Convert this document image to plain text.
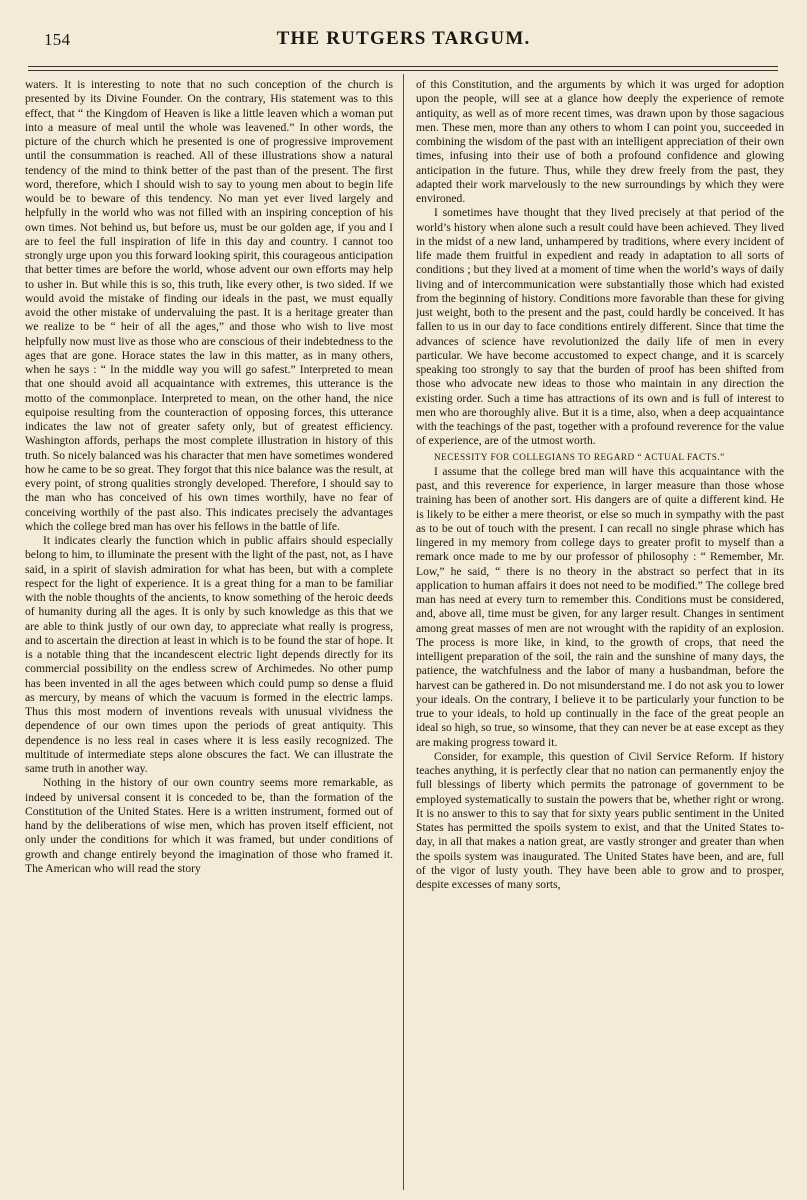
154	THE RUTGERS TARGUM.

waters. It is interesting to note that no such conception of the church is presented by its Divine Founder. On the contrary, His statement was to this effect, that “ the Kingdom of Heaven is like a little leaven which a woman put into a measure of meal until the whole was leavened.” In other words, the picture of the church which he presented is one of progressive improvement until the consummation is reached. All of these illustrations show a natural tendency of the mind to think better of the past than of the present. The first word, therefore, which I should wish to say to young men about to begin life would be to beware of this tendency. No man yet ever lived largely and helpfully in the world who was not filled with an inspiring conception of his own times. Not behind us, but before us, must be our golden age, if you and I are to feel the full inspiration of life in this day and country. I cannot too strongly urge upon you this forward looking spirit, this courageous anticipation that better times are before the world, whose advent our own efforts may help to usher in. But while this is so, this truth, like every other, is two sided. If we would avoid the mistake of finding our ideals in the past, we must equally avoid the other mistake of undervaluing the past. It is a heritage greater than we realize to be “ heir of all the ages,” and those who wish to live most helpfully now must live as those who are conscious of their indebtedness to the ages that are gone. Horace states the law in this matter, as in many others, when he says : “ In the middle way you will go safest.” Interpreted to mean that one should avoid all acquaintance with extremes, this utterance is the motto of the commonplace. Interpreted to mean, on the other hand, the nice equipoise resulting from the counteraction of opposing forces, this utterance indicates the law not of greater safety only, but of greatest efficiency. Washington affords, perhaps the most complete illustration in history of this truth. So nicely balanced was his character that men have sometimes wondered how he came to be so great. They forgot that this nice balance was the result, at every point, of strong qualities strongly developed. Therefore, I should say to the man who has conceived of his own times worthily, have no fear of conceiving worthily of the past also. This indicates precisely the advantages which the college bred man has over his fellows in the battle of life.

It indicates clearly the function which in public affairs should especially belong to him, to illuminate the present with the light of the past, not, as I have said, in a spirit of slavish admiration for what has been, but with a complete respect for the light of experience. It is a great thing for a man to be familiar with the noble thoughts of the ancients, to know something of the heroic deeds of humanity during all the ages. It is only by such knowledge as this that we are able to think justly of our own day, to appreciate what really is progress, and to ascertain the direction at least in which is to be found the star of hope. It is a notable thing that the incandescent electric light depends directly for its commercial possibility on the endless screw of Archimedes. No other pump has been invented in all the ages between which could pump so dense a fluid as mercury, by means of which the vacuum is formed in the electric lamps. Thus this most modern of inventions reveals with unusual vividness the dependence of our own times upon the periods of great antiquity. This dependence is no less real in cases where it is less easily recognized. The multitude of intermediate steps alone obscures the fact. We can illustrate the same truth in another way.

Nothing in the history of our own country seems more remarkable, as indeed by universal consent it is conceded to be, than the formation of the Constitution of the United States. Here is a written instrument, formed out of hand by the deliberations of wise men, which has proven itself efficient, not only under the conditions for which it was framed, but under conditions of growth and change entirely beyond the imagination of those who framed it. The American who will read the story

of this Constitution, and the arguments by which it was urged for adoption upon the people, will see at a glance how deeply the experience of remote antiquity, as well as of more recent times, was drawn upon by those sagacious men. These men, more than any others to whom I can point you, succeeded in combining the wisdom of the past with an intelligent appreciation of their own times, infusing into their use of both a profound confidence and glowing anticipation in the future. Thus, while they drew freely from the past, they adapted their work marvelously to the new surroundings by which they were environed.

I sometimes have thought that they lived precisely at that period of the world’s history when alone such a result could have been achieved. They lived in the midst of a new land, unhampered by traditions, where every incident of life made them fruitful in expedient and ready in adaptation to all sorts of conditions ; but they lived at a moment of time when the world’s ways of daily living and of intercommunication were substantially those which had existed from the beginning of history. Conditions more favorable than these for giving just weight, both to the present and the past, could hardly be conceived. It has fallen to us in our day to face conditions entirely different. Since that time the advances of science have revolutionized the daily life of men in every particular. We have become accustomed to expect change, and it is scarcely speaking too strongly to say that the burden of proof has been shifted from those who advocate new ideas to those who maintain in any direction the existing order. Such a time has attractions of its own and is full of interest to men who are thoroughly alive. But it is a time, also, when a deep acquaintance with the teachings of the past, together with a profound reverence for the value of experience, are of the utmost worth.

NECESSITY FOR COLLEGIANS TO REGARD “ ACTUAL FACTS.”

I assume that the college bred man will have this acquaintance with the past, and this reverence for experience, in larger measure than those whose training has been of another sort. His dangers are of quite a different kind. He is likely to be either a mere theorist, or else so much in sympathy with the past as to be out of touch with the present. I can recall no single phrase which has lingered in my memory from college days to greater profit to myself than a remark once made to me by our professor of philosophy : “ Remember, Mr. Low,” he said, “ there is no theory in the abstract so perfect that in its application to human affairs it does not need to be modified.” The college bred man has need at every turn to remember this. Conditions must be considered, and, above all, time must be given, for any larger result. Changes in sentiment among great masses of men are not wrought with the rapidity of an explosion. The process is more like, in kind, to the growth of crops, that need the intelligent preparation of the soil, the rain and the sunshine of many days, the patience, the watchfulness and the labor of many a husbandman, before the harvest can be gathered in. Do not misunderstand me. I do not ask you to lower your ideals. On the contrary, I believe it to be particularly your function to be true to your ideals, to hold up continually in the face of the great people an ideal so high, so true, so winsome, that they can never be at ease except as they are making progress toward it.

Consider, for example, this question of Civil Service Reform. If history teaches anything, it is perfectly clear that no nation can permanently enjoy the full blessings of liberty which permits the patronage of government to be employed systematically to sustain the powers that be, whether right or wrong. It is no answer to this to say that for sixty years public sentiment in the United States has permitted the spoils system to exist, and that the United States to-day, in all that makes a nation great, are vastly stronger and greater than when the spoils system was inaugurated. The United States have been, and are, full of the vigor of lusty youth. They have been able to grow and to prosper, despite excesses of many sorts,
